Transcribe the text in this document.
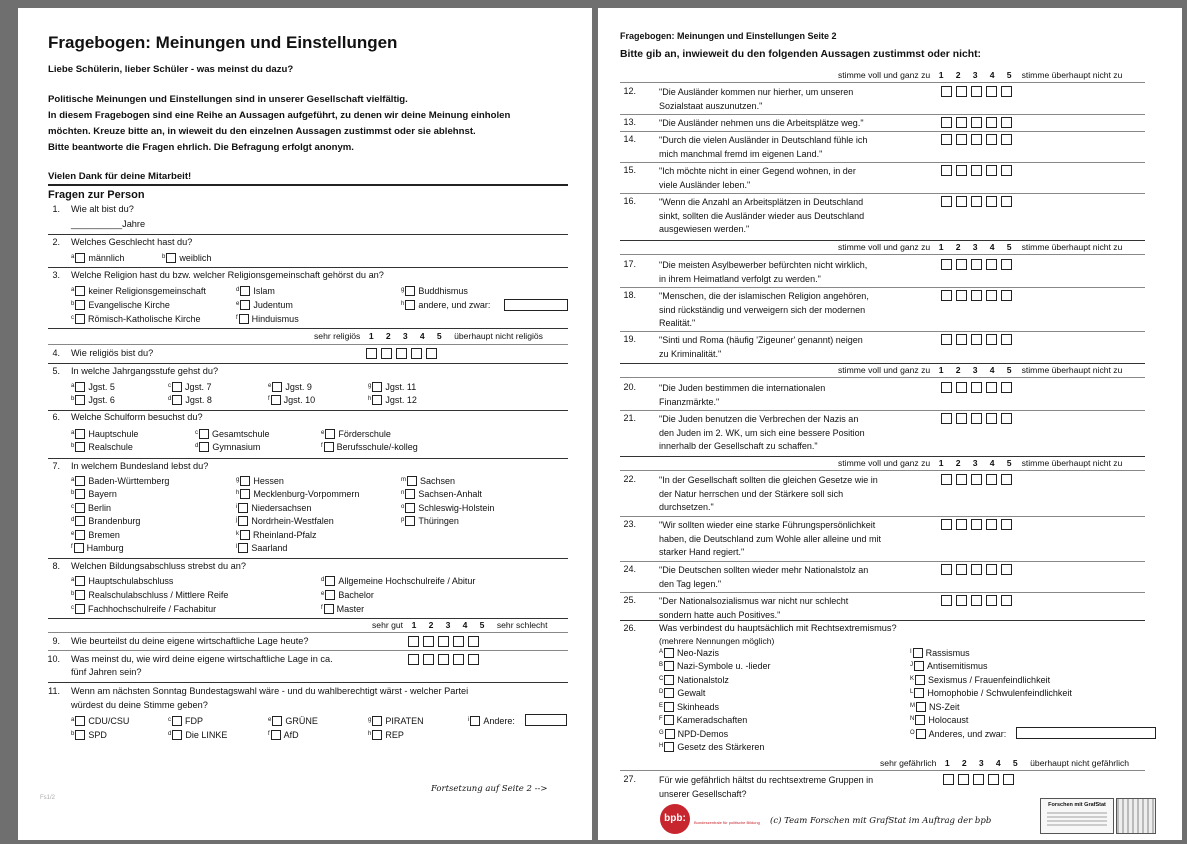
Fragebogen: Meinungen und Einstellungen
Liebe Schülerin, lieber Schüler - was meinst du dazu?
Politische Meinungen und Einstellungen sind in unserer Gesellschaft vielfältig.
In diesem Fragebogen sind eine Reihe an Aussagen aufgeführt, zu denen wir deine Meinung einholen
möchten. Kreuze bitte an, in wieweit du den einzelnen Aussagen zustimmst oder sie ablehnst.
Bitte beantworte die Fragen ehrlich. Die Befragung erfolgt anonym.
Vielen Dank für deine Mitarbeit!
Fragen zur Person
1. Wie alt bist du?
__________Jahre
2. Welches Geschlecht hast du?
$^a$ männlich	$^b$ weiblich
3. Welche Religion hast du bzw. welcher Religionsgemeinschaft gehörst du an?
$^a$ keiner Religionsgemeinschaft
$^b$ Evangelische Kirche
$^c$ Römisch-Katholische Kirche
$^d$ Islam
$^e$ Judentum
$^f$ Hinduismus
$^g$ Buddhismus
$^h$ andere, und zwar:
sehr religiös 1 2 3 4 5 überhaupt nicht religiös
4. Wie religiös bist du?
5. In welche Jahrgangsstufe gehst du?
$^a$ Jgst. 5
$^b$ Jgst. 6
$^c$ Jgst. 7
$^d$ Jgst. 8
$^e$ Jgst. 9
$^f$ Jgst. 10
$^g$ Jgst. 11
$^h$ Jgst. 12
6. Welche Schulform besuchst du?
$^a$ Hauptschule
$^b$ Realschule
$^c$ Gesamtschule
$^d$ Gymnasium
$^e$ Förderschule
$^f$ Berufsschule/-kolleg
7. In welchem Bundesland lebst du?
$^a$ Baden-Württemberg
$^b$ Bayern
$^c$ Berlin
$^d$ Brandenburg
$^e$ Bremen
$^f$ Hamburg
$^g$ Hessen
$^h$ Mecklenburg-Vorpommern
$^i$ Niedersachsen
$^j$ Nordrhein-Westfalen
$^k$ Rheinland-Pfalz
$^l$ Saarland
$^m$ Sachsen
$^n$ Sachsen-Anhalt
$^o$ Schleswig-Holstein
$^p$ Thüringen
8. Welchen Bildungsabschluss strebst du an?
$^a$ Hauptschulabschluss
$^b$ Realschulabschluss / Mittlere Reife
$^c$ Fachhochschulreife / Fachabitur
$^d$ Allgemeine Hochschulreife / Abitur
$^e$ Bachelor
$^f$ Master
sehr gut 1 2 3 4 5 sehr schlecht
9. Wie beurteilst du deine eigene wirtschaftliche Lage heute?
10. Was meinst du, wie wird deine eigene wirtschaftliche Lage in ca.
fünf Jahren sein?
11. Wenn am nächsten Sonntag Bundestagswahl wäre - und du wahlberechtigt wärst - welcher Partei
würdest du deine Stimme geben?
$^a$ CDU/CSU
$^b$ SPD
$^c$ FDP
$^d$ Die LINKE
$^e$ GRÜNE
$^f$ AfD
$^g$ PIRATEN
$^h$ REP
$^i$ Andere:
Fortsetzung auf Seite 2 -->
Fs1/2
Fragebogen: Meinungen und Einstellungen Seite 2
Bitte gib an, inwieweit du den folgenden Aussagen zustimmst oder nicht:
stimme voll und ganz zu 1 2 3 4 5 stimme überhaupt nicht zu
12.	"Die Ausländer kommen nur hierher, um unseren
Sozialstaat auszunutzen."
13.	"Die Ausländer nehmen uns die Arbeitsplätze weg."
14.	"Durch die vielen Ausländer in Deutschland fühle ich
mich manchmal fremd im eigenen Land."
15.	"Ich möchte nicht in einer Gegend wohnen, in der
viele Ausländer leben."
16.	"Wenn die Anzahl an Arbeitsplätzen in Deutschland
sinkt, sollten die Ausländer wieder aus Deutschland
ausgewiesen werden."
stimme voll und ganz zu 1 2 3 4 5 stimme überhaupt nicht zu
17.	"Die meisten Asylbewerber befürchten nicht wirklich,
in ihrem Heimatland verfolgt zu werden."
18.	"Menschen, die der islamischen Religion angehören,
sind rückständig und verweigern sich der modernen
Realität."
19.	"Sinti und Roma (häufig 'Zigeuner' genannt) neigen
zu Kriminalität."
stimme voll und ganz zu 1 2 3 4 5 stimme überhaupt nicht zu
20.	"Die Juden bestimmen die internationalen
Finanzmärkte."
21.	"Die Juden benutzen die Verbrechen der Nazis an
den Juden im 2. WK, um sich eine bessere Position
innerhalb der Gesellschaft zu schaffen."
stimme voll und ganz zu 1 2 3 4 5 stimme überhaupt nicht zu
22.	"In der Gesellschaft sollten die gleichen Gesetze wie in
der Natur herrschen und der Stärkere soll sich
durchsetzen."
23.	"Wir sollten wieder eine starke Führungspersönlichkeit
haben, die Deutschland zum Wohle aller alleine und mit
starker Hand regiert."
24.	"Die Deutschen sollten wieder mehr Nationalstolz an
den Tag legen."
25.	"Der Nationalsozialismus war nicht nur schlecht
sondern hatte auch Positives."
26.	Was verbindest du hauptsächlich mit Rechtsextremismus?
(mehrere Nennungen möglich)
$^A$ Neo-Nazis
$^B$ Nazi-Symbole u. -lieder
$^C$ Nationalstolz
$^D$ Gewalt
$^E$ Skinheads
$^F$ Kameradschaften
$^G$ NPD-Demos
$^H$ Gesetz des Stärkeren
$^I$ Rassismus
$^J$ Antisemitismus
$^K$ Sexismus / Frauenfeindlichkeit
$^L$ Homophobie / Schwulenfeindlichkeit
$^M$ NS-Zeit
$^N$ Holocaust
$^O$ Anderes, und zwar:
sehr gefährlich 1 2 3 4 5 überhaupt nicht gefährlich
27.	Für wie gefährlich hältst du rechtsextreme Gruppen in
unserer Gesellschaft?
bpb:	Bundeszentrale für politische Bildung (c) Team Forschen mit GrafStat im Auftrag der bpb
Forschen mit GrafStat
